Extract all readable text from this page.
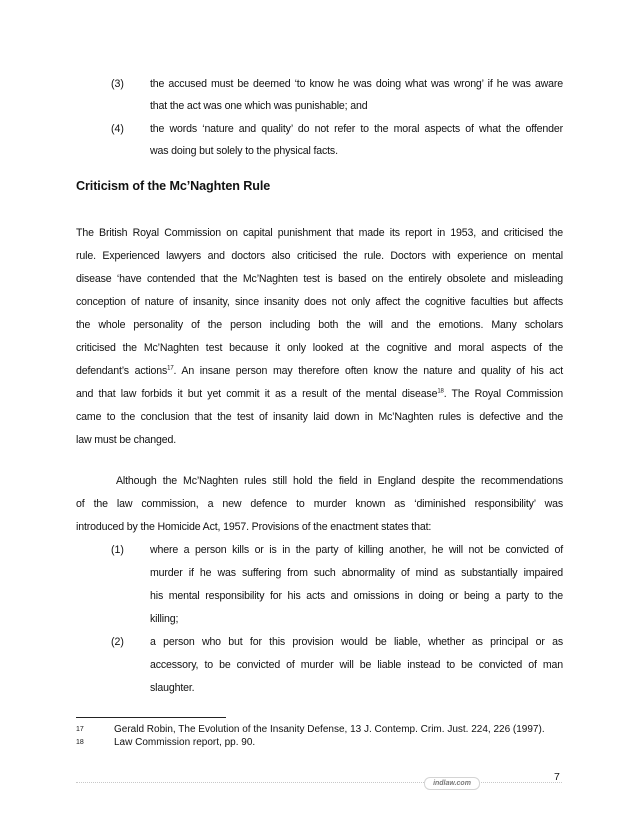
(3) the accused must be deemed ‘to know he was doing what was wrong’ if he was aware
that the act was one which was punishable; and
(4) the words ‘nature and quality’ do not refer to the moral aspects of what the offender
was doing but solely to the physical facts.
Criticism of the Mc’Naghten Rule
The British Royal Commission on capital punishment that made its report in 1953, and criticised the
rule. Experienced lawyers and doctors also criticised the rule. Doctors with experience on mental
disease ‘have contended that the Mc’Naghten test is based on the entirely obsolete and misleading
conception of nature of insanity, since insanity does not only affect the cognitive faculties but affects
the whole personality of the person including both the will and the emotions. Many scholars
criticised the Mc’Naghten test because it only looked at the cognitive and moral aspects of the
defendant’s actions$^{17}$. An insane person may therefore often know the nature and quality of his act
and that law forbids it but yet commit it as a result of the mental disease$^{18}$. The Royal Commission
came to the conclusion that the test of insanity laid down in Mc’Naghten rules is defective and the
law must be changed.
Although the Mc’Naghten rules still hold the field in England despite the recommendations
of the law commission, a new defence to murder known as ‘diminished responsibility’ was
introduced by the Homicide Act, 1957. Provisions of the enactment states that:
(1) where a person kills or is in the party of killing another, he will not be convicted of
murder if he was suffering from such abnormality of mind as substantially impaired
his mental responsibility for his acts and omissions in doing or being a party to the
killing;
(2) a person who but for this provision would be liable, whether as principal or as
accessory, to be convicted of murder will be liable instead to be convicted of man
slaughter.
17	Gerald Robin, The Evolution of the Insanity Defense, 13 J. Contemp. Crim. Just. 224, 226 (1997).
18	Law Commission report, pp. 90.
indlaw.com
7
